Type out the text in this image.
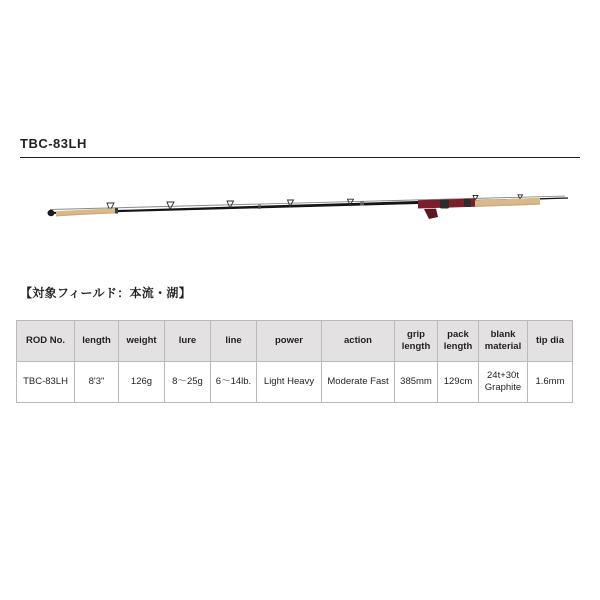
TBC-83LH
【対象フィールド：本流・湖】
ROD No.	length	weight	lure	line	power	action	grip length	pack length	blank material	tip dia
TBC-83LH	8'3"	126g	8〜25g	6〜14lb.	Light Heavy	Moderate Fast	385mm	129cm	24t+30t Graphite	1.6mm
